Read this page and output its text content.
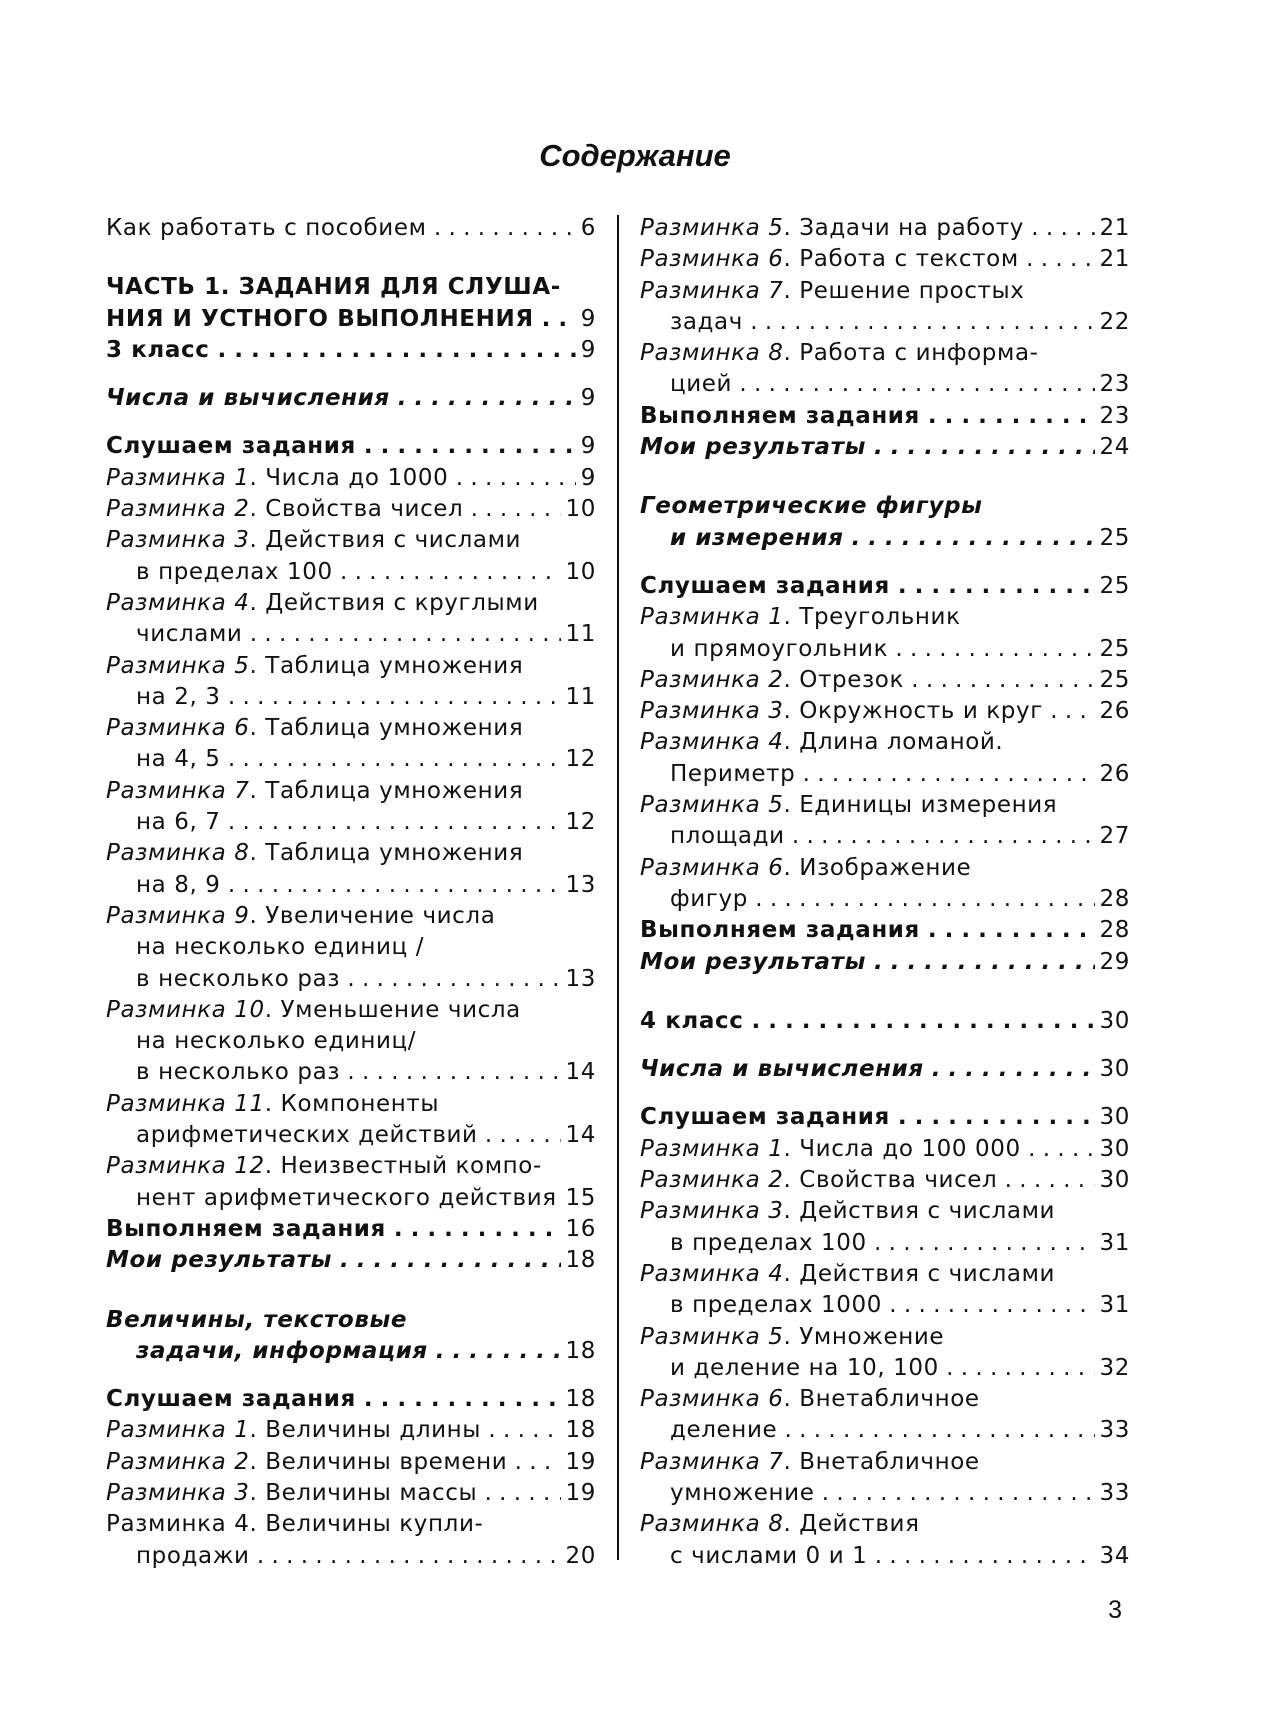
Содержание
Как работать с пособием . . .	6
ЧАСТЬ 1. ЗАДАНИЯ ДЛЯ СЛУША-
НИЯ И УСТНОГО ВЫПОЛНЕНИЯ . . .	9
3 класс . . .	9
Числа и вычисления . . .	9
Слушаем задания . . .	9
Разминка 1. Числа до 1000 . . .	9
Разминка 2. Свойства чисел . . .	10
Разминка 3. Действия с числами
в пределах 100 . . .	10
Разминка 4. Действия с круглыми
числами . . .	11
Разминка 5. Таблица умножения
на 2, 3 . . .	11
Разминка 6. Таблица умножения
на 4, 5 . . .	12
Разминка 7. Таблица умножения
на 6, 7 . . .	12
Разминка 8. Таблица умножения
на 8, 9 . . .	13
Разминка 9. Увеличение числа
на несколько единиц /
в несколько раз . . .	13
Разминка 10. Уменьшение числа
на несколько единиц/
в несколько раз . . .	14
Разминка 11. Компоненты
арифметических действий . . .	14
Разминка 12. Неизвестный компо-
нент арифметического действия . . . 15
Выполняем задания . . .	16
Мои результаты . . .	18
Величины, текстовые
задачи, информация . . .	18
Слушаем задания . . .	18
Разминка 1. Величины длины . . .	18
Разминка 2. Величины времени . . .	19
Разминка 3. Величины массы . . .	19
Разминка 4. Величины купли-
продажи . . .	20
Разминка 5. Задачи на работу . . .	21
Разминка 6. Работа с текстом . . .	21
Разминка 7. Решение простых
задач . . .	22
Разминка 8. Работа с информа-
цией . . .	23
Выполняем задания . . .	23
Мои результаты . . .	24
Геометрические фигуры
и измерения . . .	25
Слушаем задания . . .	25
Разминка 1. Треугольник
и прямоугольник . . .	25
Разминка 2. Отрезок . . .	25
Разминка 3. Окружность и круг . . .	26
Разминка 4. Длина ломаной.
Периметр . . .	26
Разминка 5. Единицы измерения
площади . . .	27
Разминка 6. Изображение
фигур . . .	28
Выполняем задания . . .	28
Мои результаты . . .	29
4 класс . . .	30
Числа и вычисления . . .	30
Слушаем задания . . .	30
Разминка 1. Числа до 100 000 . . .	30
Разминка 2. Свойства чисел . . .	30
Разминка 3. Действия с числами
в пределах 100 . . .	31
Разминка 4. Действия с числами
в пределах 1000 . . .	31
Разминка 5. Умножение
и деление на 10, 100 . . .	32
Разминка 6. Внетабличное
деление . . .	33
Разминка 7. Внетабличное
умножение . . .	33
Разминка 8. Действия
с числами 0 и 1 . . .	34
3
